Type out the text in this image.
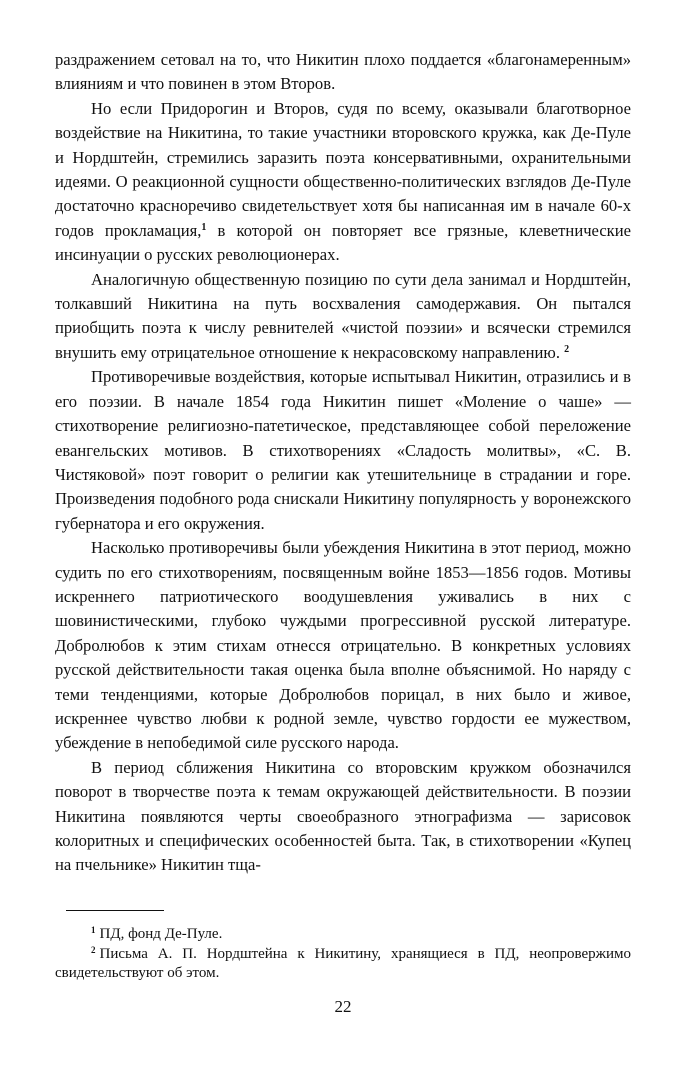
раздражением сетовал на то, что Никитин плохо поддается «благонамеренным» влияниям и что повинен в этом Второв.

Но если Придорогин и Второв, судя по всему, оказывали благотворное воздействие на Никитина, то такие участники второвского кружка, как Де-Пуле и Нордштейн, стремились заразить поэта консервативными, охранительными идеями. О реакционной сущности общественно-политических взглядов Де-Пуле достаточно красноречиво свидетельствует хотя бы написанная им в начале 60-х годов прокламация,$^1$ в которой он повторяет все грязные, клеветнические инсинуации о русских революционерах.

Аналогичную общественную позицию по сути дела занимал и Нордштейн, толкавший Никитина на путь восхваления самодержавия. Он пытался приобщить поэта к числу ревнителей «чистой поэзии» и всячески стремился внушить ему отрицательное отношение к некрасовскому направлению. $^2$

Противоречивые воздействия, которые испытывал Никитин, отразились и в его поэзии. В начале 1854 года Никитин пишет «Моление о чаше» — стихотворение религиозно-патетическое, представляющее собой переложение евангельских мотивов. В стихотворениях «Сладость молитвы», «С. В. Чистяковой» поэт говорит о религии как утешительнице в страдании и горе. Произведения подобного рода снискали Никитину популярность у воронежского губернатора и его окружения.

Насколько противоречивы были убеждения Никитина в этот период, можно судить по его стихотворениям, посвященным войне 1853—1856 годов. Мотивы искреннего патриотического воодушевления уживались в них с шовинистическими, глубоко чуждыми прогрессивной русской литературе. Добролюбов к этим стихам отнесся отрицательно. В конкретных условиях русской действительности такая оценка была вполне объяснимой. Но наряду с теми тенденциями, которые Добролюбов порицал, в них было и живое, искреннее чувство любви к родной земле, чувство гордости ее мужеством, убеждение в непобедимой силе русского народа.

В период сближения Никитина со второвским кружком обозначился поворот в творчестве поэта к темам окружающей действительности. В поэзии Никитина появляются черты своеобразного этнографизма — зарисовок колоритных и специфических особенностей быта. Так, в стихотворении «Купец на пчельнике» Никитин тща-

$^1$ ПД, фонд Де-Пуле.

$^2$ Письма А. П. Нордштейна к Никитину, хранящиеся в ПД, неопровержимо свидетельствуют об этом.

22
